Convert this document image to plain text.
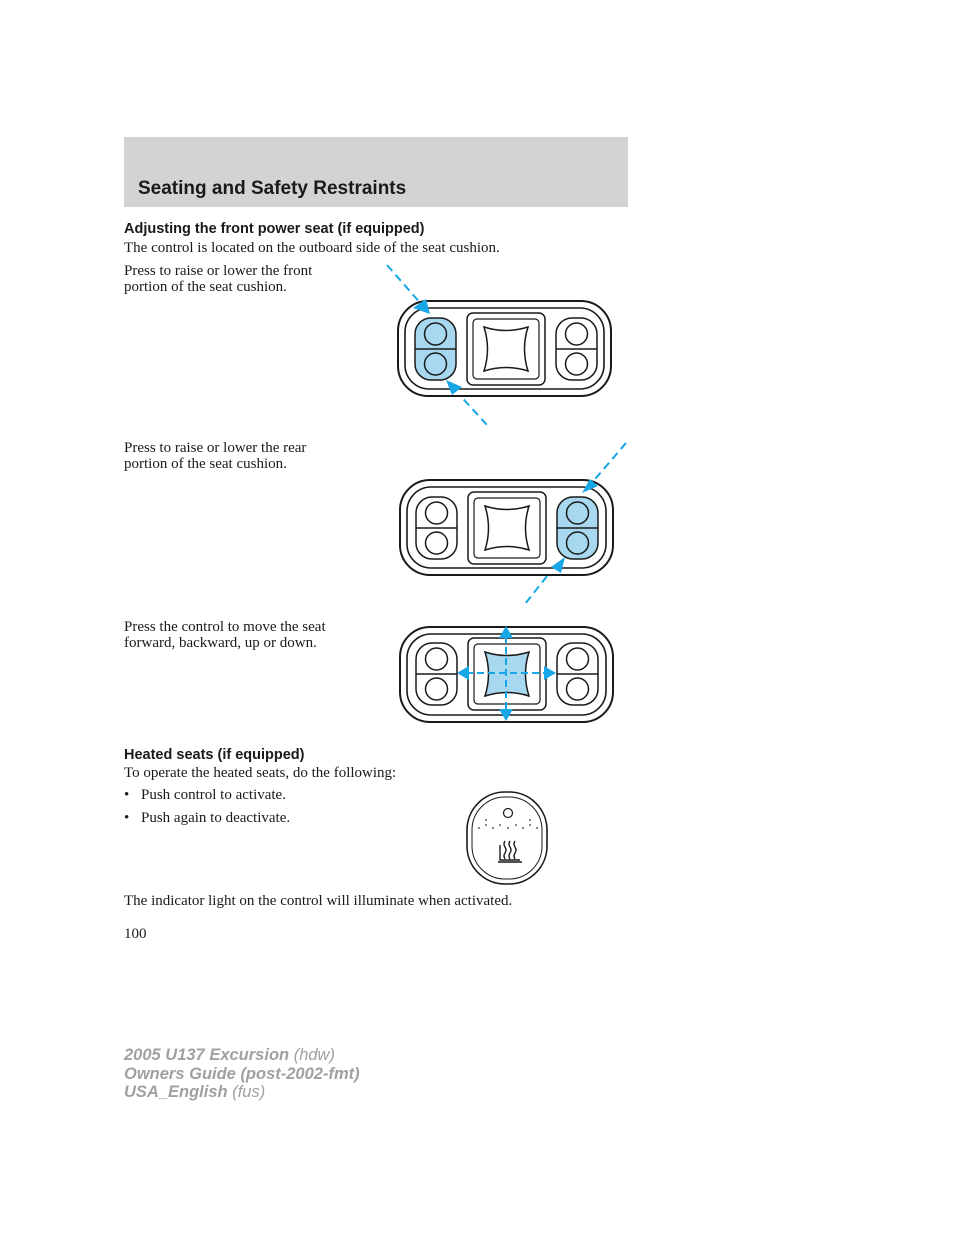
Seating and Safety Restraints
Adjusting the front power seat (if equipped)
The control is located on the outboard side of the seat cushion.
Press to raise or lower the front
portion of the seat cushion.
Press to raise or lower the rear
portion of the seat cushion.
Press the control to move the seat
forward, backward, up or down.
Heated seats (if equipped)
To operate the heated seats, do the following:
• Push control to activate.
• Push again to deactivate.
The indicator light on the control will illuminate when activated.
100
2005 U137 Excursion (hdw)
Owners Guide (post-2002-fmt)
USA_English (fus)
